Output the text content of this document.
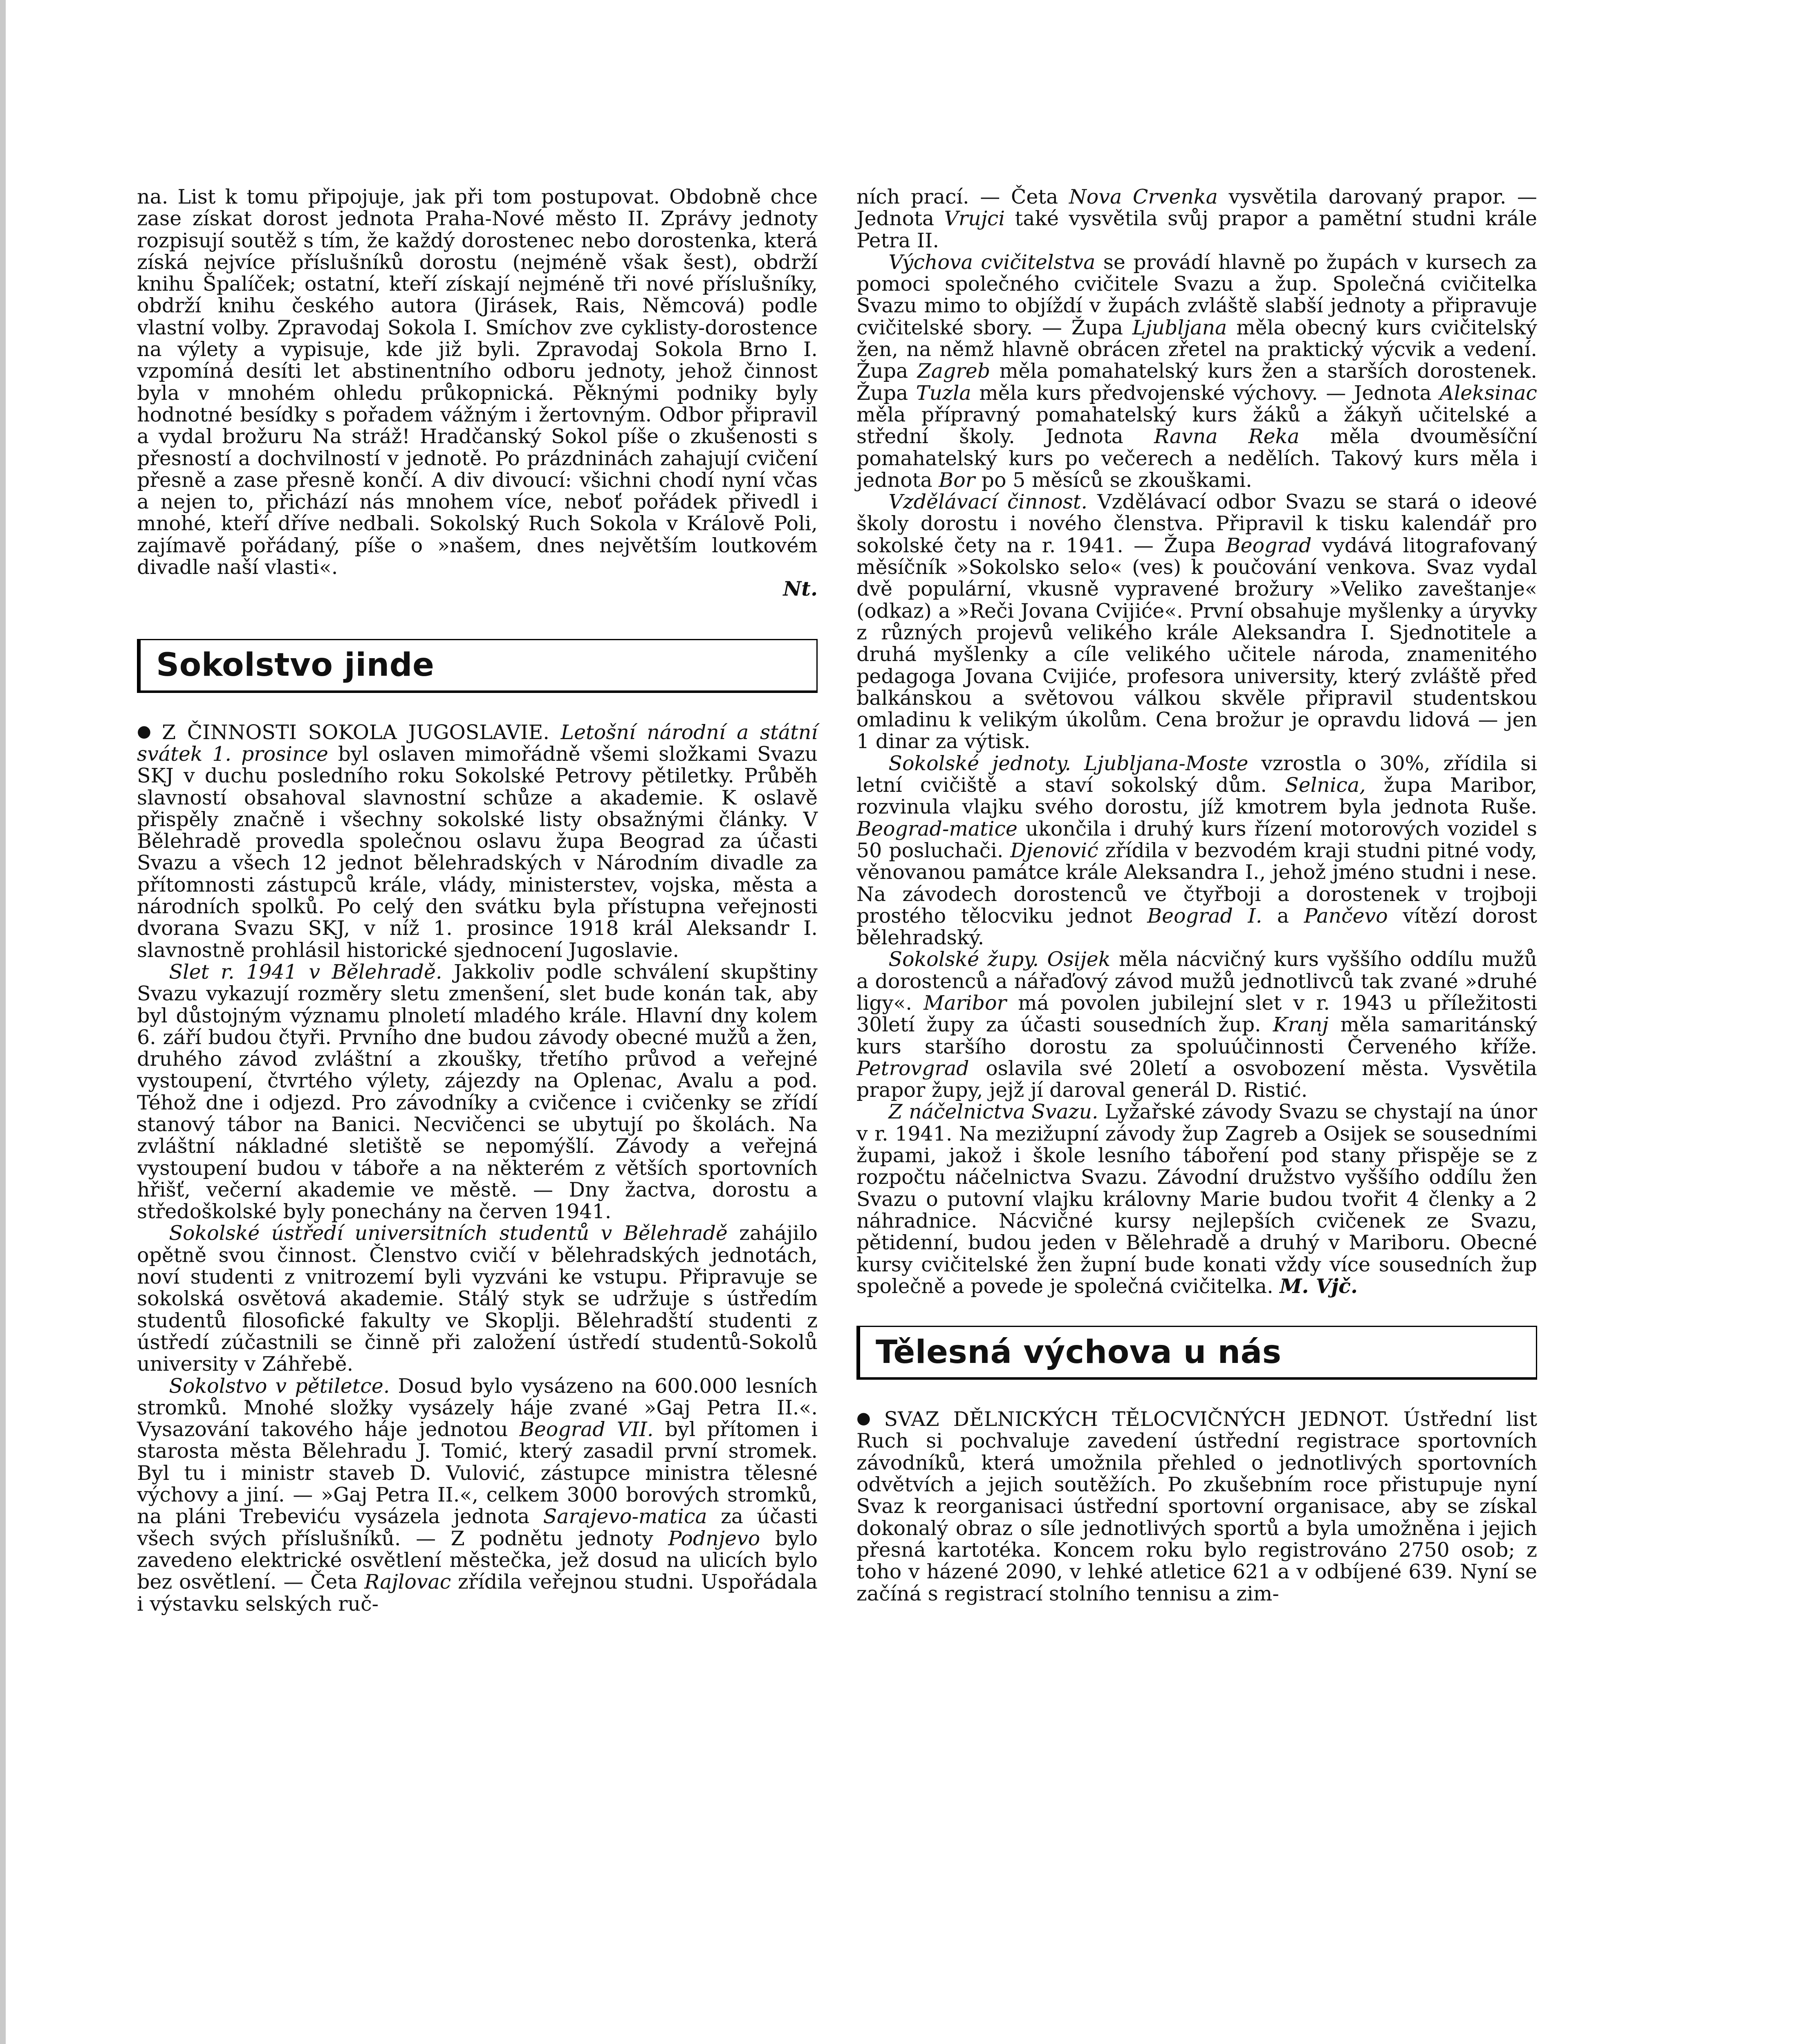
na. List k tomu připojuje, jak při tom postupovat. Obdobně chce zase získat dorost jednota Praha-Nové město II. Zprávy jednoty rozpisují soutěž s tím, že každý dorostenec nebo dorostenka, která získá nejvíce příslušníků dorostu (nejméně však šest), obdrží knihu Špalíček; ostatní, kteří získají nejméně tři nové příslušníky, obdrží knihu českého autora (Jirásek, Rais, Němcová) podle vlastní volby. Zpravodaj Sokola I. Smíchov zve cyklisty-dorostence na výlety a vypisuje, kde již byli. Zpravodaj Sokola Brno I. vzpomíná desíti let abstinentního odboru jednoty, jehož činnost byla v mnohém ohledu průkopnická. Pěknými podniky byly hodnotné besídky s pořadem vážným i žertovným. Odbor připravil a vydal brožuru Na stráž! Hradčanský Sokol píše o zkušenosti s přesností a dochvilností v jednotě. Po prázdninách zahajují cvičení přesně a zase přesně končí. A div divoucí: všichni chodí nyní včas a nejen to, přichází nás mnohem více, neboť pořádek přivedl i mnohé, kteří dříve nedbali. Sokolský Ruch Sokola v Králově Poli, zajímavě pořádaný, píše o »našem, dnes největším loutkovém divadle naší vlasti«.

Nt.

Sokolstvo jinde

● Z ČINNOSTI SOKOLA JUGOSLAVIE. Letošní národní a státní svátek 1. prosince byl oslaven mimořádně všemi složkami Svazu SKJ v duchu posledního roku Sokolské Petrovy pětiletky. Průběh slavností obsahoval slavnostní schůze a akademie. K oslavě přispěly značně i všechny sokolské listy obsažnými články. V Bělehradě provedla společnou oslavu župa Beograd za účasti Svazu a všech 12 jednot bělehradských v Národním divadle za přítomnosti zástupců krále, vlády, ministerstev, vojska, města a národních spolků. Po celý den svátku byla přístupna veřejnosti dvorana Svazu SKJ, v níž 1. prosince 1918 král Aleksandr I. slavnostně prohlásil historické sjednocení Jugoslavie.

Slet r. 1941 v Bělehradě. Jakkoliv podle schválení skupštiny Svazu vykazují rozměry sletu zmenšení, slet bude konán tak, aby byl důstojným významu plnoletí mladého krále. Hlavní dny kolem 6. září budou čtyři. Prvního dne budou závody obecné mužů a žen, druhého závod zvláštní a zkoušky, třetího průvod a veřejné vystoupení, čtvrtého výlety, zájezdy na Oplenac, Avalu a pod. Téhož dne i odjezd. Pro závodníky a cvičence i cvičenky se zřídí stanový tábor na Banici. Necvičenci se ubytují po školách. Na zvláštní nákladné sletiště se nepomýšlí. Závody a veřejná vystoupení budou v táboře a na některém z větších sportovních hřišť, večerní akademie ve městě. — Dny žactva, dorostu a středoškolské byly ponechány na červen 1941.

Sokolské ústředí universitních studentů v Bělehradě zahájilo opětně svou činnost. Členstvo cvičí v bělehradských jednotách, noví studenti z vnitrozemí byli vyzváni ke vstupu. Připravuje se sokolská osvětová akademie. Stálý styk se udržuje s ústředím studentů filosofické fakulty ve Skoplji. Bělehradští studenti z ústředí zúčastnili se činně při založení ústředí studentů-Sokolů university v Záhřebě.

Sokolstvo v pětiletce. Dosud bylo vysázeno na 600.000 lesních stromků. Mnohé složky vysázely háje zvané »Gaj Petra II.«. Vysazování takového háje jednotou Beograd VII. byl přítomen i starosta města Bělehradu J. Tomić, který zasadil první stromek. Byl tu i ministr staveb D. Vulović, zástupce ministra tělesné výchovy a jiní. — »Gaj Petra II.«, celkem 3000 borových stromků, na pláni Trebeviću vysázela jednota Sarajevo-matica za účasti všech svých příslušníků. — Z podnětu jednoty Podnjevo bylo zavedeno elektrické osvětlení městečka, jež dosud na ulicích bylo bez osvětlení. — Četa Rajlovac zřídila veřejnou studni. Uspořádala i výstavku selských ruč-

ních prací. — Četa Nova Crvenka vysvětila darovaný prapor. — Jednota Vrujci také vysvětila svůj prapor a pamětní studni krále Petra II.

Výchova cvičitelstva se provádí hlavně po župách v kursech za pomoci společného cvičitele Svazu a žup. Společná cvičitelka Svazu mimo to objíždí v župách zvláště slabší jednoty a připravuje cvičitelské sbory. — Župa Ljubljana měla obecný kurs cvičitelský žen, na němž hlavně obrácen zřetel na praktický výcvik a vedení. Župa Zagreb měla pomahatelský kurs žen a starších dorostenek. Župa Tuzla měla kurs předvojenské výchovy. — Jednota Aleksinac měla přípravný pomahatelský kurs žáků a žákyň učitelské a střední školy. Jednota Ravna Reka měla dvouměsíční pomahatelský kurs po večerech a nedělích. Takový kurs měla i jednota Bor po 5 měsíců se zkouškami.

Vzdělávací činnost. Vzdělávací odbor Svazu se stará o ideové školy dorostu i nového členstva. Připravil k tisku kalendář pro sokolské čety na r. 1941. — Župa Beograd vydává litografovaný měsíčník »Sokolsko selo« (ves) k poučování venkova. Svaz vydal dvě populární, vkusně vypravené brožury »Veliko zaveštanje« (odkaz) a »Reči Jovana Cvijiće«. První obsahuje myšlenky a úryvky z různých projevů velikého krále Aleksandra I. Sjednotitele a druhá myšlenky a cíle velikého učitele národa, znamenitého pedagoga Jovana Cvijiće, profesora university, který zvláště před balkánskou a světovou válkou skvěle připravil studentskou omladinu k velikým úkolům. Cena brožur je opravdu lidová — jen 1 dinar za výtisk.

Sokolské jednoty. Ljubljana-Moste vzrostla o 30%, zřídila si letní cvičiště a staví sokolský dům. Selnica, župa Maribor, rozvinula vlajku svého dorostu, jíž kmotrem byla jednota Ruše. Beograd-matice ukončila i druhý kurs řízení motorových vozidel s 50 posluchači. Djenović zřídila v bezvodém kraji studni pitné vody, věnovanou památce krále Aleksandra I., jehož jméno studni i nese. Na závodech dorostenců ve čtyřboji a dorostenek v trojboji prostého tělocviku jednot Beograd I. a Pančevo vítězí dorost bělehradský.

Sokolské župy. Osijek měla nácvičný kurs vyššího oddílu mužů a dorostenců a nářaďový závod mužů jednotlivců tak zvané »druhé ligy«. Maribor má povolen jubilejní slet v r. 1943 u příležitosti 30letí župy za účasti sousedních žup. Kranj měla samaritánský kurs staršího dorostu za spoluúčinnosti Červeného kříže. Petrovgrad oslavila své 20letí a osvobození města. Vysvětila prapor župy, jejž jí daroval generál D. Ristić.

Z náčelnictva Svazu. Lyžařské závody Svazu se chystají na únor v r. 1941. Na mezižupní závody žup Zagreb a Osijek se sousedními župami, jakož i škole lesního táboření pod stany přispěje se z rozpočtu náčelnictva Svazu. Závodní družstvo vyššího oddílu žen Svazu o putovní vlajku královny Marie budou tvořit 4 členky a 2 náhradnice. Nácvičné kursy nejlepších cvičenek ze Svazu, pětidenní, budou jeden v Bělehradě a druhý v Mariboru. Obecné kursy cvičitelské žen župní bude konati vždy více sousedních žup společně a povede je společná cvičitelka. M. Vjč.

Tělesná výchova u nás

● SVAZ DĚLNICKÝCH TĚLOCVIČNÝCH JEDNOT. Ústřední list Ruch si pochvaluje zavedení ústřední registrace sportovních závodníků, která umožnila přehled o jednotlivých sportovních odvětvích a jejich soutěžích. Po zkušebním roce přistupuje nyní Svaz k reorganisaci ústřední sportovní organisace, aby se získal dokonalý obraz o síle jednotlivých sportů a byla umožněna i jejich přesná kartotéka. Koncem roku bylo registrováno 2750 osob; z toho v házené 2090, v lehké atletice 621 a v odbíjené 639. Nyní se začíná s registrací stolního tennisu a zim-
